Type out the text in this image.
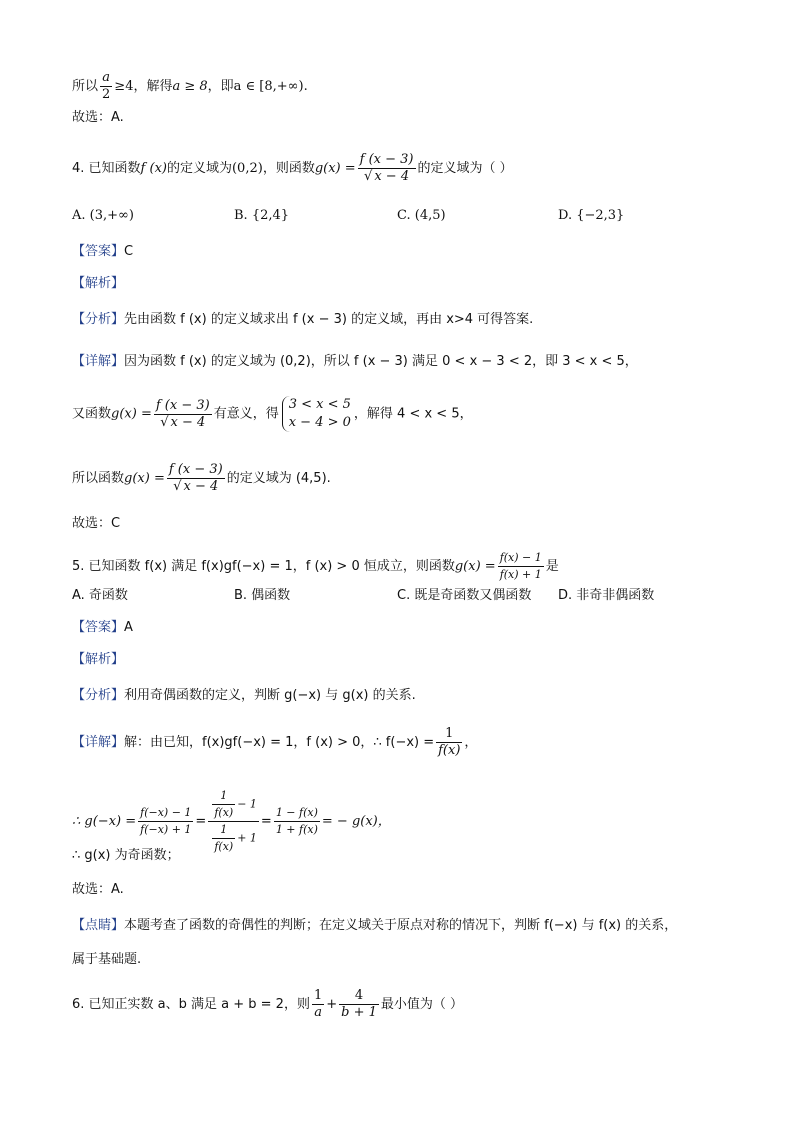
所以 $\frac{a}{2} \ge 4$，解得a ≥ 8，即a ∈ [8,+∞).
故选：A.
4. 已知函数f (x)的定义域为(0,2)，则函数$g(x) = \frac{f (x - 3)}{√ x - 4}$ 的定义域为（ ）
A. (3,+∞)	B. {2,4}	C. (4,5)	D. {−2,3}
【答案】C
【解析】
【分析】先由函数 f (x) 的定义域求出 f (x − 3) 的定义域，再由 x>4 可得答案.
【详解】因为函数 f (x) 的定义域为 (0,2)，所以 f (x − 3) 满足 0 < x − 3 < 2，即 3 < x < 5，
又函数$g(x) = \frac{f (x - 3)}{√ x - 4}$ 有意义，得
3 < x < 5
x − 4 > 0
，解得 4 < x < 5，
所以函数$g(x) = \frac{f (x - 3)}{√ x - 4}$ 的定义域为 (4,5).
故选：C
5. 已知函数 f(x) 满足 f(x)gf(−x) = 1，f (x) > 0 恒成立，则函数$g(x) = \frac{f(x) - 1}{f(x) + 1}$ 是
A. 奇函数	B. 偶函数	C. 既是奇函数又偶函数 D. 非奇非偶函数
【答案】A
【解析】
【分析】利用奇偶函数的定义，判断 g(−x) 与 g(x) 的关系.
【详解】解：由已知，f(x)gf(−x) = 1，f (x) > 0，∴ $f(-x) = \frac{1}{f(x)}$ ，
∴ $g(-x) = \frac{f(-x) - 1}{f(-x) + 1} = \frac{\frac{1}{f(x)} - 1}{\frac{1}{f(x)} + 1} = \frac{1 - f(x)}{1 + f(x)}$ = − g(x)，
∴ g(x) 为奇函数；
故选：A.
【点睛】本题考查了函数的奇偶性的判断；在定义域关于原点对称的情况下，判断 f(−x) 与 f(x) 的关系，
属于基础题.
6. 已知正实数 a、b 满足 a + b = 2，则 $\frac{1}{a} + \frac{4}{b + 1}$ 最小值为（ ）
